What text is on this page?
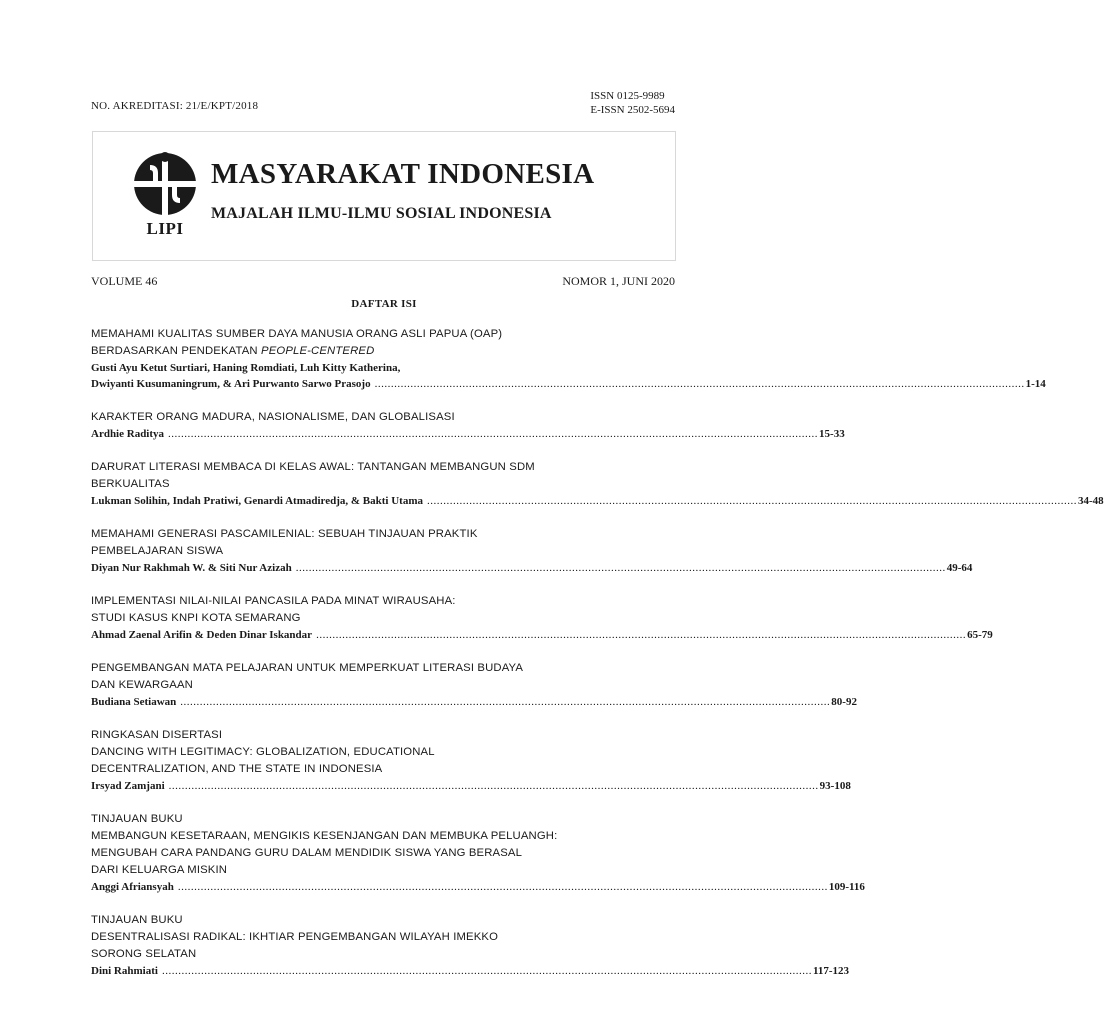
NO. AKREDITASI: 21/E/KPT/2018
ISSN 0125-9989
E-ISSN 2502-5694
LIPI
MASYARAKAT INDONESIA
MAJALAH ILMU-ILMU SOSIAL INDONESIA
VOLUME 46	NOMOR 1, JUNI 2020
DAFTAR ISI
MEMAHAMI KUALITAS SUMBER DAYA MANUSIA ORANG ASLI PAPUA (OAP)
BERDASARKAN PENDEKATAN PEOPLE-CENTERED
Gusti Ayu Ketut Surtiari, Haning Romdiati, Luh Kitty Katherina,
Dwiyanti Kusumaningrum, & Ari Purwanto Sarwo Prasojo ........................................................................................................................................................................................................ 1-14
KARAKTER ORANG MADURA, NASIONALISME, DAN GLOBALISASI
Ardhie Raditya ........................................................................................................................................................................................................ 15-33
DARURAT LITERASI MEMBACA DI KELAS AWAL: TANTANGAN MEMBANGUN SDM
BERKUALITAS
Lukman Solihin, Indah Pratiwi, Genardi Atmadiredja, & Bakti Utama ........................................................................................................................................................................................................ 34-48
MEMAHAMI GENERASI PASCAMILENIAL: SEBUAH TINJAUAN PRAKTIK
PEMBELAJARAN SISWA
Diyan Nur Rakhmah W. & Siti Nur Azizah ........................................................................................................................................................................................................ 49-64
IMPLEMENTASI NILAI-NILAI PANCASILA PADA MINAT WIRAUSAHA:
STUDI KASUS KNPI KOTA SEMARANG
Ahmad Zaenal Arifin & Deden Dinar Iskandar ........................................................................................................................................................................................................ 65-79
PENGEMBANGAN MATA PELAJARAN UNTUK MEMPERKUAT LITERASI BUDAYA
DAN KEWARGAAN
Budiana Setiawan ........................................................................................................................................................................................................ 80-92
RINGKASAN DISERTASI
DANCING WITH LEGITIMACY: GLOBALIZATION, EDUCATIONAL
DECENTRALIZATION, AND THE STATE IN INDONESIA
Irsyad Zamjani ........................................................................................................................................................................................................ 93-108
TINJAUAN BUKU
MEMBANGUN KESETARAAN, MENGIKIS KESENJANGAN DAN MEMBUKA PELUANGH:
MENGUBAH CARA PANDANG GURU DALAM MENDIDIK SISWA YANG BERASAL
DARI KELUARGA MISKIN
Anggi Afriansyah ........................................................................................................................................................................................................ 109-116
TINJAUAN BUKU
DESENTRALISASI RADIKAL: IKHTIAR PENGEMBANGAN WILAYAH IMEKKO
SORONG SELATAN
Dini Rahmiati ........................................................................................................................................................................................................ 117-123
